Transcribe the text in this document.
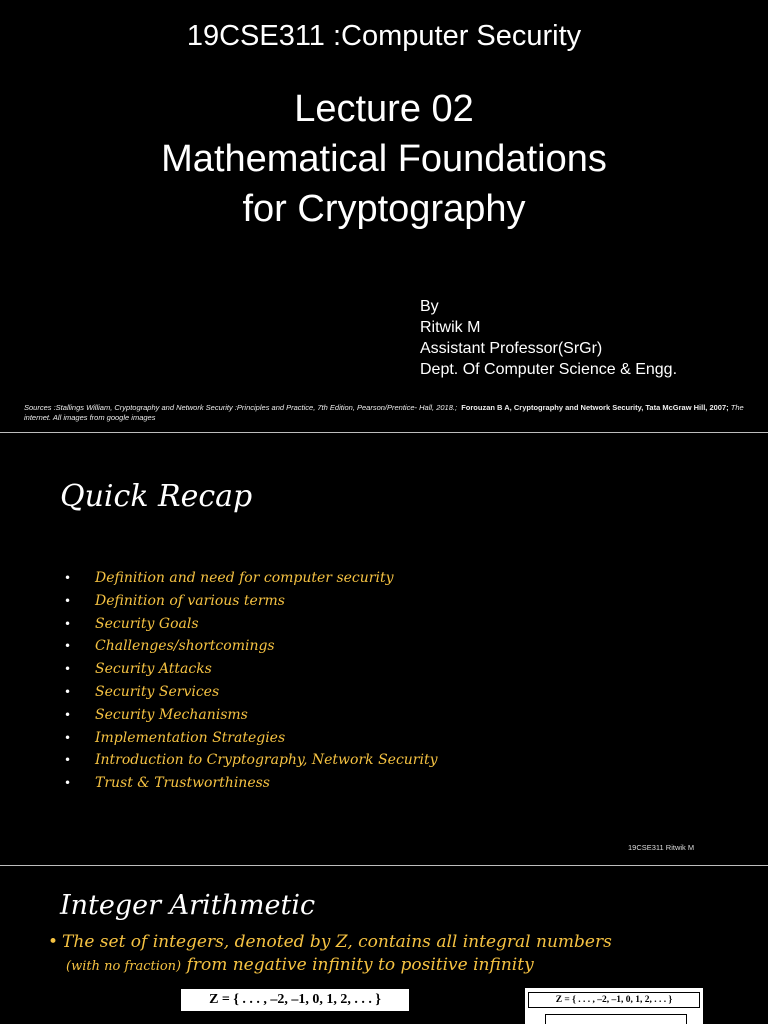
19CSE311 :Computer Security
Lecture 02
Mathematical Foundations
for Cryptography
By
Ritwik M
Assistant Professor(SrGr)
Dept. Of Computer Science & Engg.
Sources :Stallings William, Cryptography and Network Security :Principles and Practice, 7th Edition, Pearson/Prentice- Hall, 2018.; Forouzan B A, Cryptography and Network Security, Tata McGraw Hill, 2007; The internet. All images from google images
Quick Recap
• Definition and need for computer security
• Definition of various terms
• Security Goals
• Challenges/shortcomings
• Security Attacks
• Security Services
• Security Mechanisms
• Implementation Strategies
• Introduction to Cryptography, Network Security
• Trust & Trustworthiness
19CSE311 Ritwik M
Integer Arithmetic
• The set of integers, denoted by Z, contains all integral numbers
(with no fraction) from negative infinity to positive infinity
Z = { . . . , –2, –1, 0, 1, 2, . . . }	Z = { . . . , –2, –1, 0, 1, 2, . . . }
